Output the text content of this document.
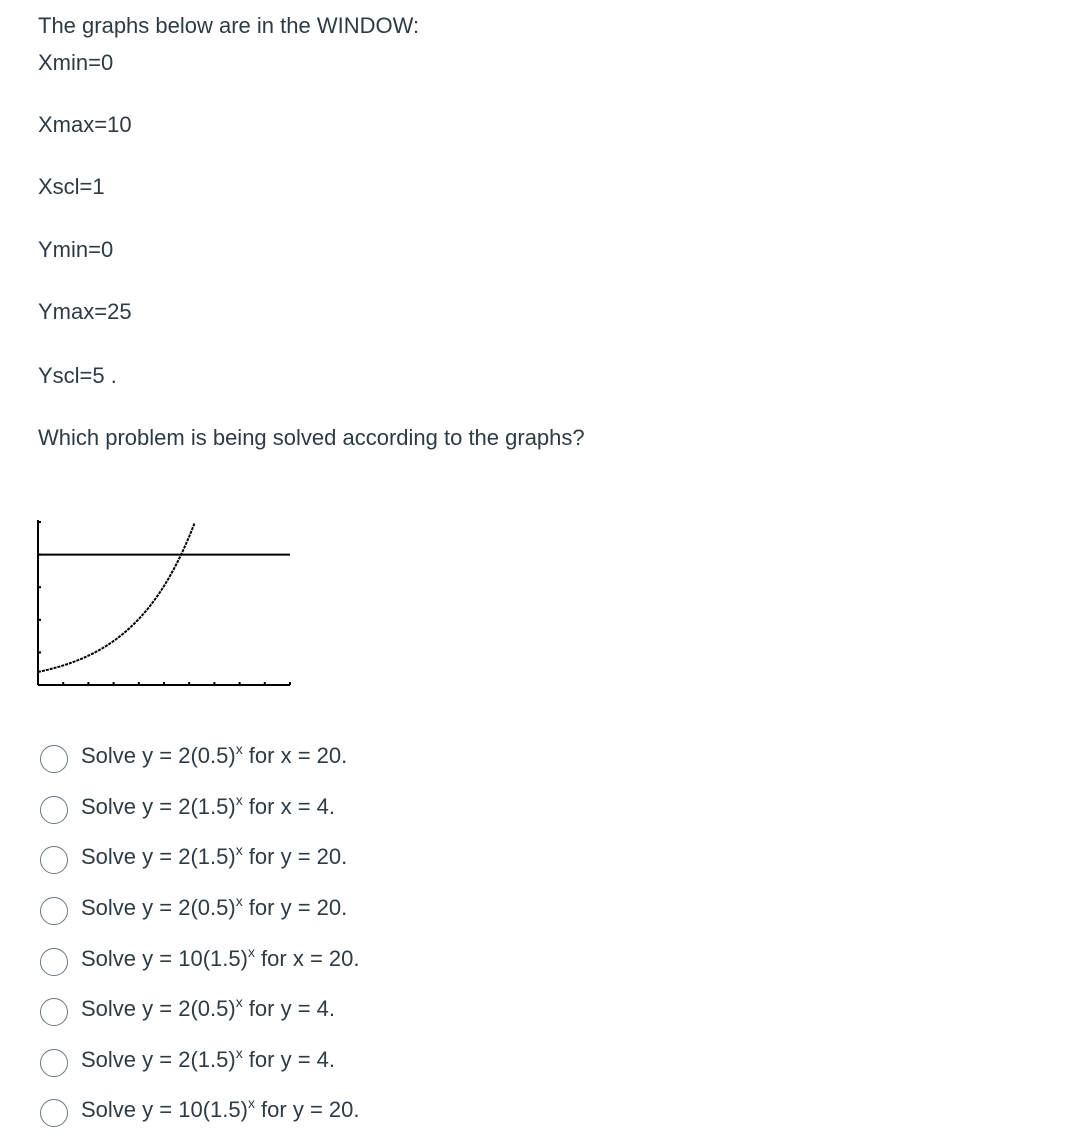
The graphs below are in the WINDOW:
Xmin=0
Xmax=10
Xscl=1
Ymin=0
Ymax=25
Yscl=5 .
Which problem is being solved according to the graphs?
Solve $y = 2(0.5)^x$ for x = 20.
Solve $y = 2(1.5)^x$ for x = 4.
Solve $y = 2(1.5)^x$ for y = 20.
Solve $y = 2(0.5)^x$ for y = 20.
Solve $y = 10(1.5)^x$ for x = 20.
Solve $y = 2(0.5)^x$ for y = 4.
Solve $y = 2(1.5)^x$ for y = 4.
Solve $y = 10(1.5)^x$ for y = 20.
